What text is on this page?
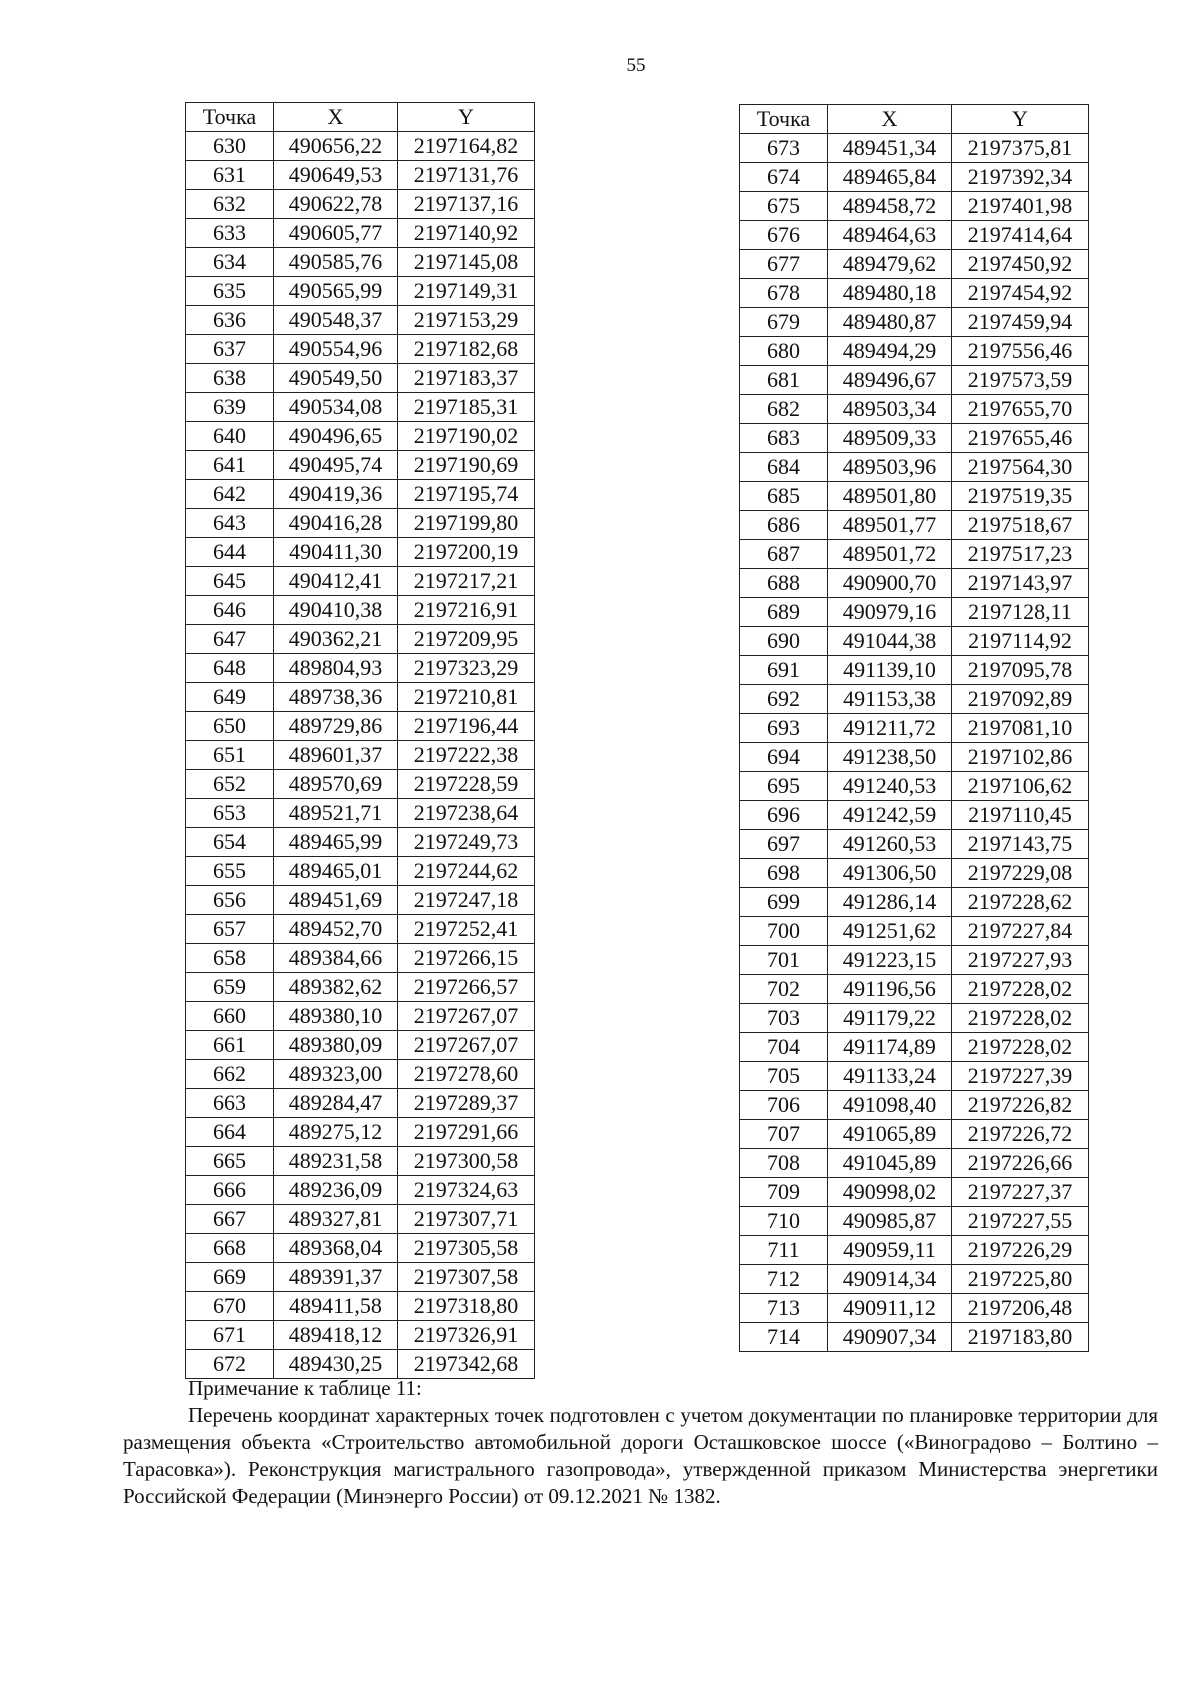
55
Точка	X	Y
630	490656,22	2197164,82
631	490649,53	2197131,76
632	490622,78	2197137,16
633	490605,77	2197140,92
634	490585,76	2197145,08
635	490565,99	2197149,31
636	490548,37	2197153,29
637	490554,96	2197182,68
638	490549,50	2197183,37
639	490534,08	2197185,31
640	490496,65	2197190,02
641	490495,74	2197190,69
642	490419,36	2197195,74
643	490416,28	2197199,80
644	490411,30	2197200,19
645	490412,41	2197217,21
646	490410,38	2197216,91
647	490362,21	2197209,95
648	489804,93	2197323,29
649	489738,36	2197210,81
650	489729,86	2197196,44
651	489601,37	2197222,38
652	489570,69	2197228,59
653	489521,71	2197238,64
654	489465,99	2197249,73
655	489465,01	2197244,62
656	489451,69	2197247,18
657	489452,70	2197252,41
658	489384,66	2197266,15
659	489382,62	2197266,57
660	489380,10	2197267,07
661	489380,09	2197267,07
662	489323,00	2197278,60
663	489284,47	2197289,37
664	489275,12	2197291,66
665	489231,58	2197300,58
666	489236,09	2197324,63
667	489327,81	2197307,71
668	489368,04	2197305,58
669	489391,37	2197307,58
670	489411,58	2197318,80
671	489418,12	2197326,91
672	489430,25	2197342,68
Точка	X	Y
673	489451,34	2197375,81
674	489465,84	2197392,34
675	489458,72	2197401,98
676	489464,63	2197414,64
677	489479,62	2197450,92
678	489480,18	2197454,92
679	489480,87	2197459,94
680	489494,29	2197556,46
681	489496,67	2197573,59
682	489503,34	2197655,70
683	489509,33	2197655,46
684	489503,96	2197564,30
685	489501,80	2197519,35
686	489501,77	2197518,67
687	489501,72	2197517,23
688	490900,70	2197143,97
689	490979,16	2197128,11
690	491044,38	2197114,92
691	491139,10	2197095,78
692	491153,38	2197092,89
693	491211,72	2197081,10
694	491238,50	2197102,86
695	491240,53	2197106,62
696	491242,59	2197110,45
697	491260,53	2197143,75
698	491306,50	2197229,08
699	491286,14	2197228,62
700	491251,62	2197227,84
701	491223,15	2197227,93
702	491196,56	2197228,02
703	491179,22	2197228,02
704	491174,89	2197228,02
705	491133,24	2197227,39
706	491098,40	2197226,82
707	491065,89	2197226,72
708	491045,89	2197226,66
709	490998,02	2197227,37
710	490985,87	2197227,55
711	490959,11	2197226,29
712	490914,34	2197225,80
713	490911,12	2197206,48
714	490907,34	2197183,80
Примечание к таблице 11:
Перечень координат характерных точек подготовлен с учетом документации по планировке территории для размещения объекта «Строительство автомобильной дороги Осташковское шоссе («Виноградово – Болтино – Тарасовка»). Реконструкция магистрального газопровода», утвержденной приказом Министерства энергетики Российской Федерации (Минэнерго России) от 09.12.2021 № 1382.
